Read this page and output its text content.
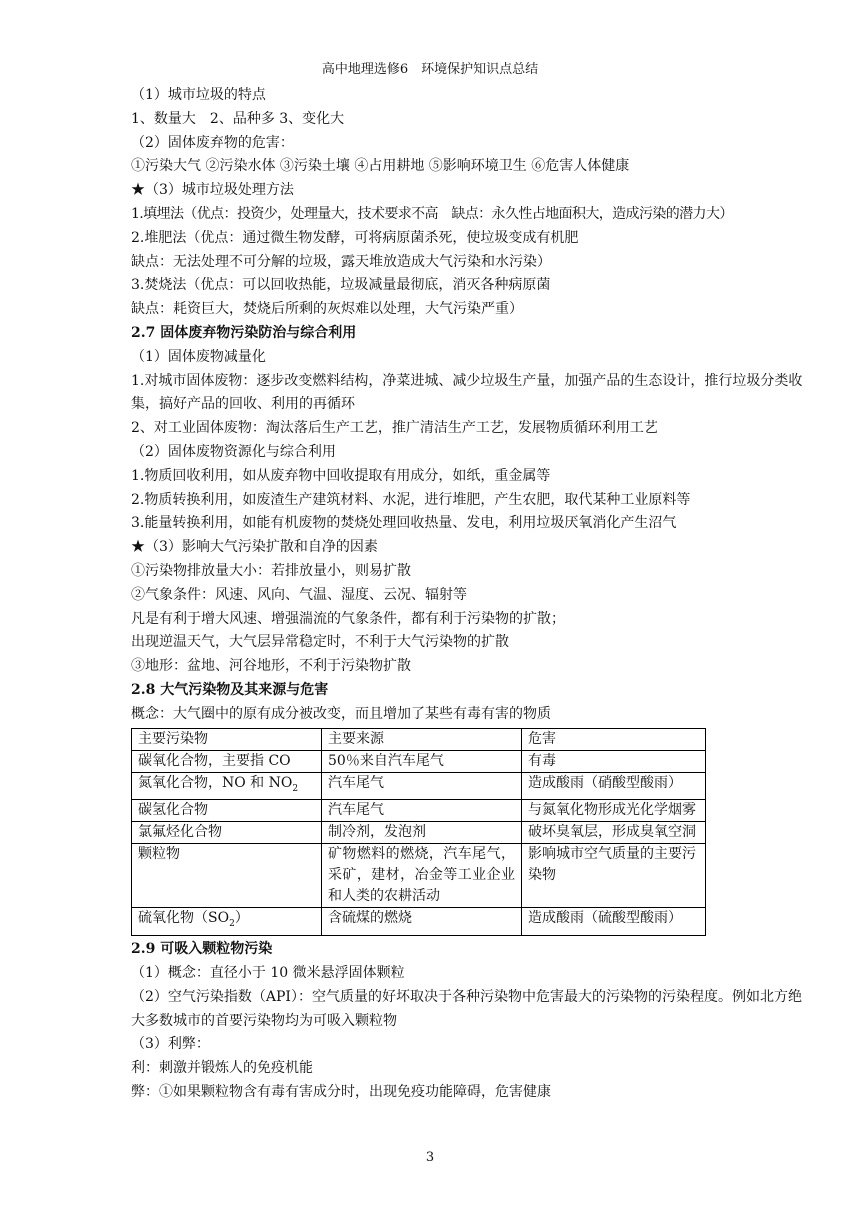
高中地理选修6　环境保护知识点总结
（1）城市垃圾的特点
1、数量大　2、品种多 3、变化大
（2）固体废弃物的危害：
①污染大气 ②污染水体 ③污染土壤 ④占用耕地 ⑤影响环境卫生 ⑥危害人体健康
★（3）城市垃圾处理方法
1.填埋法（优点：投资少，处理量大，技术要求不高　缺点：永久性占地面积大，造成污染的潜力大）
2.堆肥法（优点：通过微生物发酵，可将病原菌杀死，使垃圾变成有机肥
缺点：无法处理不可分解的垃圾，露天堆放造成大气污染和水污染）
3.焚烧法（优点：可以回收热能，垃圾减量最彻底，消灭各种病原菌
缺点：耗资巨大，焚烧后所剩的灰烬难以处理，大气污染严重）
2.7 固体废弃物污染防治与综合利用
（1）固体废物减量化
1.对城市固体废物：逐步改变燃料结构，净菜进城、减少垃圾生产量，加强产品的生态设计，推行垃圾分类收集，搞好产品的回收、利用的再循环
2、对工业固体废物：淘汰落后生产工艺，推广清洁生产工艺，发展物质循环利用工艺
（2）固体废物资源化与综合利用
1.物质回收利用，如从废弃物中回收提取有用成分，如纸，重金属等
2.物质转换利用，如废渣生产建筑材料、水泥，进行堆肥，产生农肥，取代某种工业原料等
3.能量转换利用，如能有机废物的焚烧处理回收热量、发电，利用垃圾厌氧消化产生沼气
★（3）影响大气污染扩散和自净的因素
①污染物排放量大小：若排放量小，则易扩散
②气象条件：风速、风向、气温、湿度、云况、辐射等
凡是有利于增大风速、增强湍流的气象条件，都有利于污染物的扩散；
出现逆温天气，大气层异常稳定时，不利于大气污染物的扩散
③地形：盆地、河谷地形，不利于污染物扩散
2.8 大气污染物及其来源与危害
概念：大气圈中的原有成分被改变，而且增加了某些有毒有害的物质
主要污染物	主要来源	危害
碳氧化合物，主要指 CO	50％来自汽车尾气	有毒
氮氧化合物，NO 和 $NO_2$	汽车尾气	造成酸雨（硝酸型酸雨）
碳氢化合物	汽车尾气	与氮氧化物形成光化学烟雾
氯氟烃化合物	制冷剂，发泡剂	破坏臭氧层，形成臭氧空洞
颗粒物	矿物燃料的燃烧，汽车尾气，采矿，建材，冶金等工业企业和人类的农耕活动	影响城市空气质量的主要污染物
硫氧化物$(SO_2)$	含硫煤的燃烧	造成酸雨（硫酸型酸雨）
2.9 可吸入颗粒物污染
（1）概念：直径小于 10 微米悬浮固体颗粒
（2）空气污染指数（API）：空气质量的好坏取决于各种污染物中危害最大的污染物的污染程度。例如北方绝大多数城市的首要污染物均为可吸入颗粒物
（3）利弊：
利：刺激并锻炼人的免疫机能
弊：①如果颗粒物含有毒有害成分时，出现免疫功能障碍，危害健康
3
